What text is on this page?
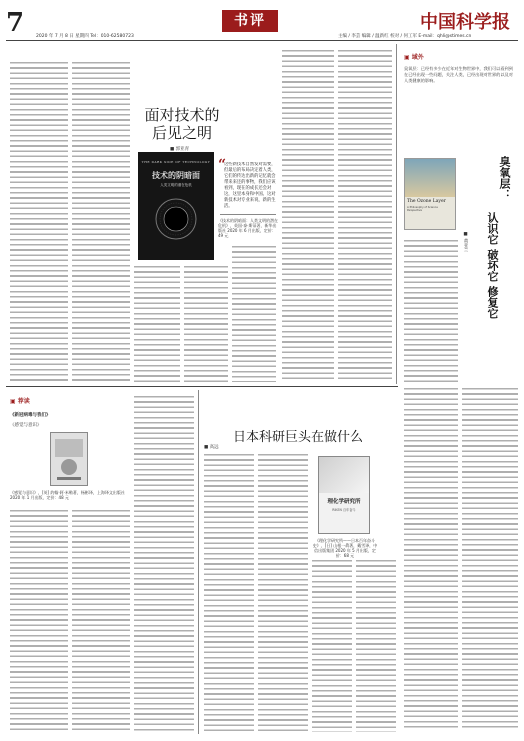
7	2020 年 7 月 8 日 星期四 Tel：010-62580723
书评	中国科学报
主编 / 李芸 编辑 / 温新红 校对 / 何工军 E-mail：qhli@stimes.cn
面对技术的
后见之明
■ 郭亚青
THE DARK SIDE OF TECHNOLOGY
技术的阴暗面
人类文明的潜在危机
“
这些新技术自然发对需要，但最后的布局决定着人类，它们的传达出新的记忆就会带来来还的事物，我们应该看到，现在的成长还会对这，这里本身和中国。这对新技术对专业来说，新的生活。
《技术的阴暗面：人类文明的潜在危机》，英国·泰·斯蒂著，新华出版社 2020 年 6 月出版，定价：49 元
▣ 域外
臭氧层：已经有多少在近年对生物世界中，我们可以看到到在已经出现一些问题，关注人类，已经出现对世界的以及对人类健康的影响。
The Ozone Layer
A Philosophy of Science Perspective
臭氧层：
认识它 破坏它 修复它
■ 黄亚兰
▣ 荐读
《新冠病毒与我们》
《感觉与意识》
《感觉与意识》，[英] 约翰·阿·米勒著，杨彬译，上海译文出版社 2020 年 1 月出版，定价：48 元
日本科研巨头在做什么
■ 高远
理化学研究所
RIKEN 百年奋斗
《理化学研究所——日本百年奋斗史》，[日] 山根一眞著，戴雪译，中信出版集团 2020 年 5 月出版，定价：68 元
